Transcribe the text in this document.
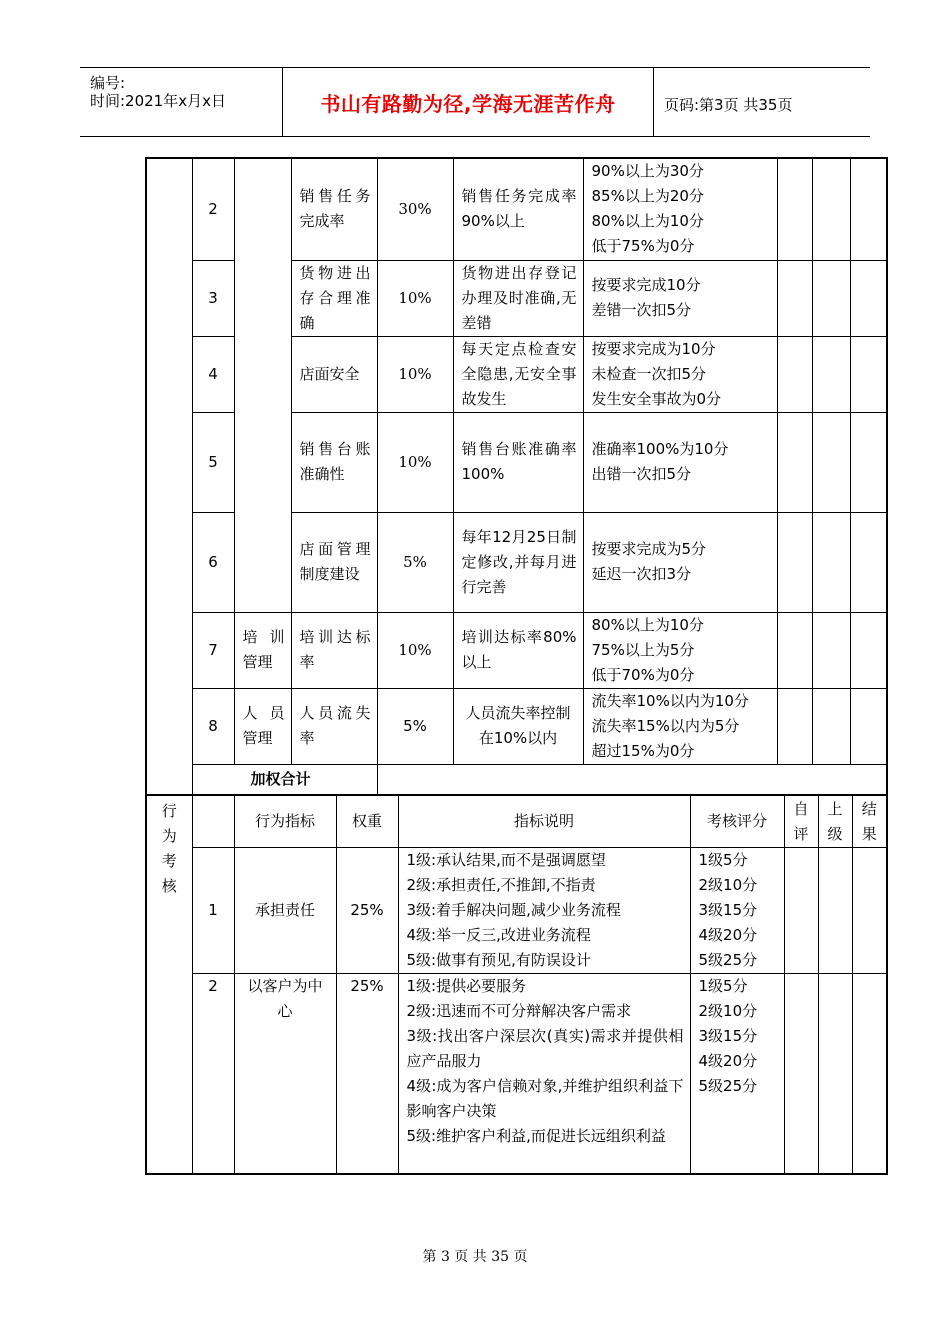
编号:
时间:2021年x月x日	书山有路勤为径,学海无涯苦作舟	页码:第3页 共35页
	2		销售任务完成率	30%	销售任务完成率90%以上	90%以上为30分
85%以上为20分
80%以上为10分
低于75%为0分			
	3		货物进出存合理准确	10%	货物进出存登记办理及时准确,无差错	按要求完成10分
差错一次扣5分			
	4		店面安全	10%	每天定点检查安全隐患,无安全事故发生	按要求完成为10分
未检查一次扣5分
发生安全事故为0分			
	5		销售台账准确性	10%	销售台账准确率100%	准确率100%为10分
出错一次扣5分			
	6		店面管理制度建设	5%	每年12月25日制定修改,并每月进行完善	按要求完成为5分
延迟一次扣3分			
	7	培训管理	培训达标率	10%	培训达标率80%以上	80%以上为10分
75%以上为5分
低于70%为0分			
	8	人员管理	人员流失率	5%	人员流失率控制在10%以内	流失率10%以内为10分
流失率15%以内为5分
超过15%为0分			
	加权合计								
行为考核		行为指标	权重	指标说明	考核评分	自评	上级	结果

	1	承担责任	25%	1级:承认结果,而不是强调愿望
2级:承担责任,不推卸,不指责
3级:着手解决问题,减少业务流程
4级:举一反三,改进业务流程
5级:做事有预见,有防误设计	1级5分
2级10分
3级15分
4级20分
5级25分			
	2	以客户为中心	25%	1级:提供必要服务
2级:迅速而不可分辩解决客户需求
3级:找出客户深层次(真实)需求并提供相应产品服力
4级:成为客户信赖对象,并维护组织利益下影响客户决策
5级:维护客户利益,而促进长远组织利益	1级5分
2级10分
3级15分
4级20分
5级25分			
第 3 页 共 35 页
